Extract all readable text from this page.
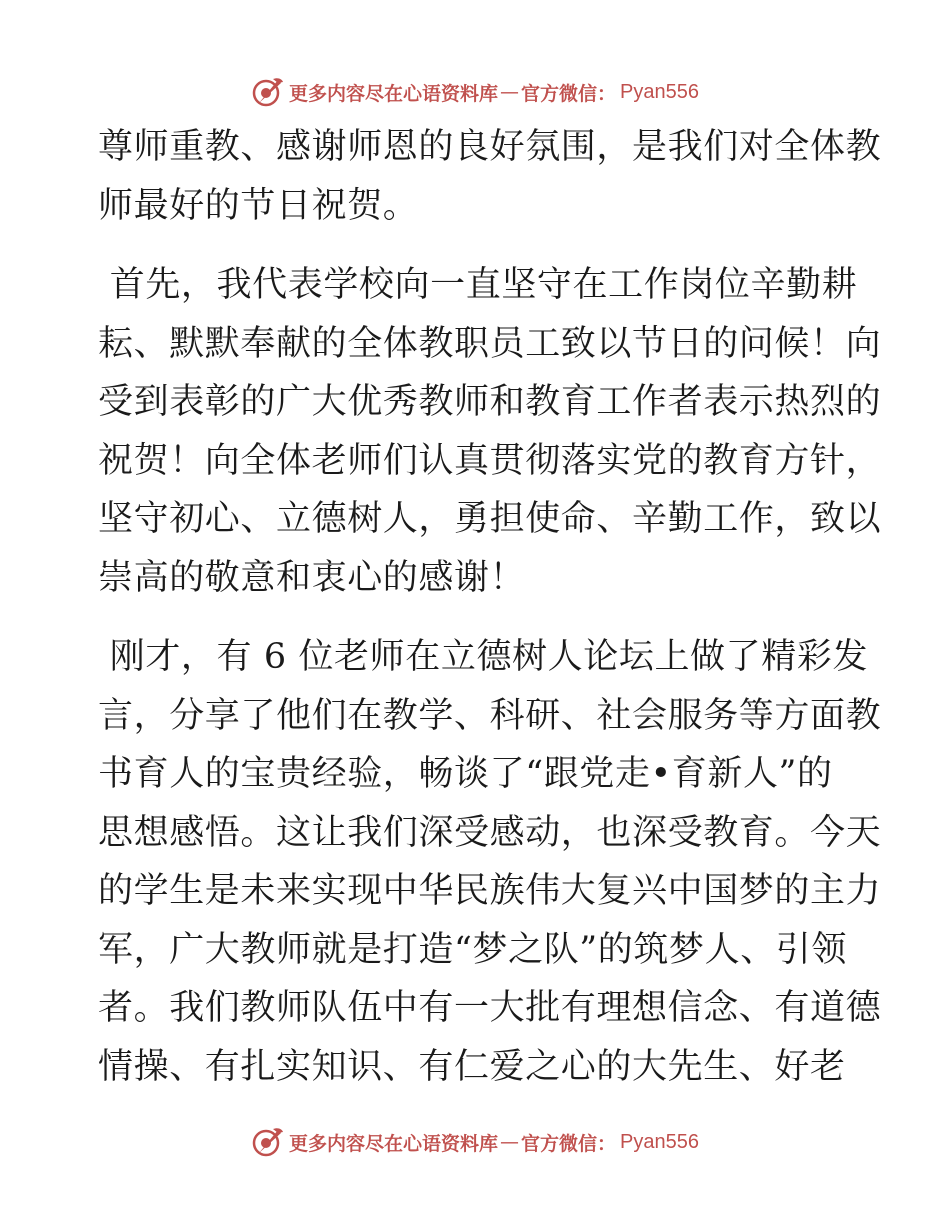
更多内容尽在心语资料库 — 官方微信： Pyan556

尊师重教、感谢师恩的良好氛围，是我们对全体教
师最好的节日祝贺。

首先，我代表学校向一直坚守在工作岗位辛勤耕
耘、默默奉献的全体教职员工致以节日的问候！向
受到表彰的广大优秀教师和教育工作者表示热烈的
祝贺！向全体老师们认真贯彻落实党的教育方针，
坚守初心、立德树人，勇担使命、辛勤工作，致以
崇高的敬意和衷心的感谢！

刚才，有 6 位老师在立德树人论坛上做了精彩发
言，分享了他们在教学、科研、社会服务等方面教
书育人的宝贵经验，畅谈了“跟党走•育新人”的
思想感悟。这让我们深受感动，也深受教育。今天
的学生是未来实现中华民族伟大复兴中国梦的主力
军，广大教师就是打造“梦之队”的筑梦人、引领
者。我们教师队伍中有一大批有理想信念、有道德
情操、有扎实知识、有仁爱之心的大先生、好老

更多内容尽在心语资料库 — 官方微信： Pyan556
